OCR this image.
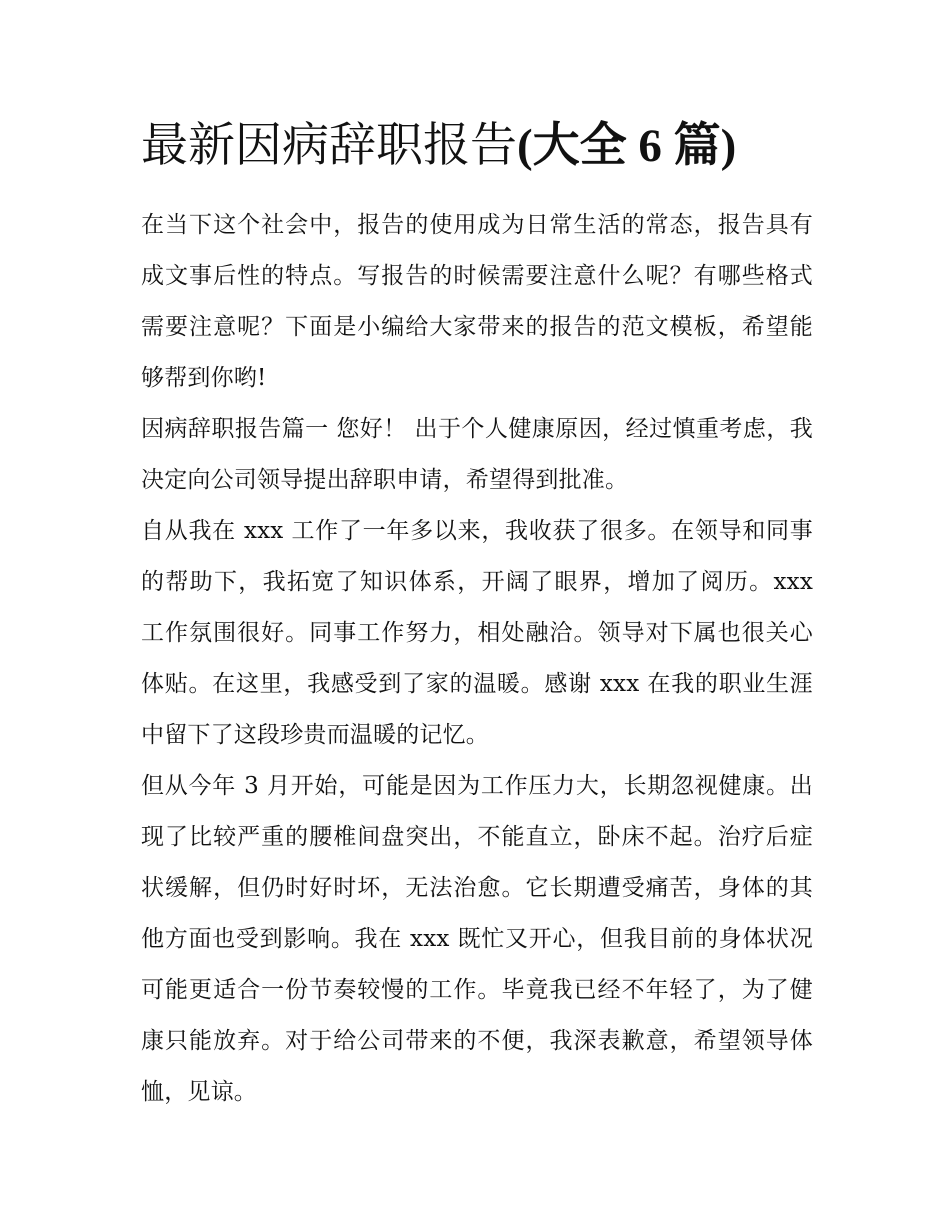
最新因病辞职报告(大全 6 篇)

在当下这个社会中，报告的使用成为日常生活的常态，报告具有成文事后性的特点。写报告的时候需要注意什么呢？有哪些格式需要注意呢？下面是小编给大家带来的报告的范文模板，希望能够帮到你哟!

因病辞职报告篇一 您好！ 出于个人健康原因，经过慎重考虑，我决定向公司领导提出辞职申请，希望得到批准。

自从我在 xxx 工作了一年多以来，我收获了很多。在领导和同事的帮助下，我拓宽了知识体系，开阔了眼界，增加了阅历。xxx 工作氛围很好。同事工作努力，相处融洽。领导对下属也很关心体贴。在这里，我感受到了家的温暖。感谢 xxx 在我的职业生涯中留下了这段珍贵而温暖的记忆。

但从今年 3 月开始，可能是因为工作压力大，长期忽视健康。出现了比较严重的腰椎间盘突出，不能直立，卧床不起。治疗后症状缓解，但仍时好时坏，无法治愈。它长期遭受痛苦，身体的其他方面也受到影响。我在 xxx 既忙又开心，但我目前的身体状况可能更适合一份节奏较慢的工作。毕竟我已经不年轻了，为了健康只能放弃。对于给公司带来的不便，我深表歉意，希望领导体恤，见谅。
